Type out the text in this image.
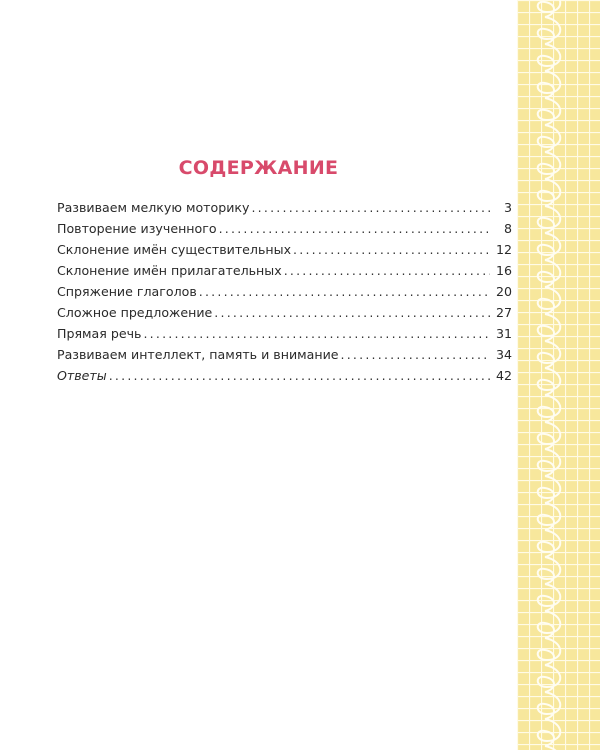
СОДЕРЖАНИЕ
Развиваем мелкую моторику .....	3
Повторение изученного .....	8
Склонение имён существительных .....	12
Склонение имён прилагательных .....	16
Спряжение глаголов .....	20
Сложное предложение .....	27
Прямая речь .....	31
Развиваем интеллект, память и внимание .....	34
Ответы .....	42
